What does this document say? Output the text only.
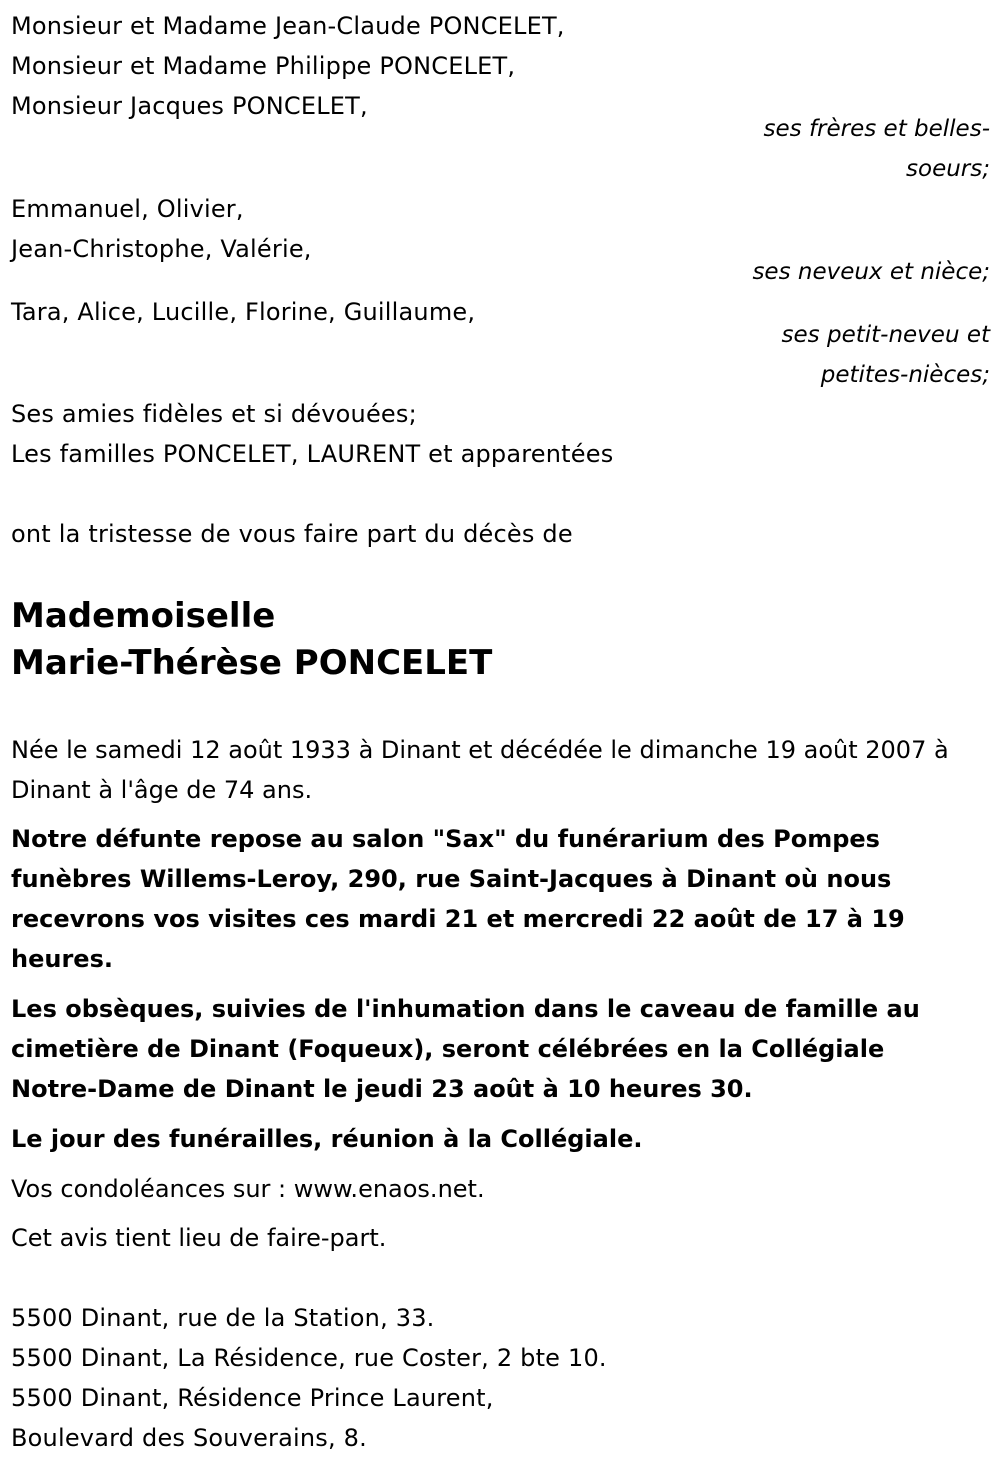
Monsieur et Madame Jean-Claude PONCELET,
Monsieur et Madame Philippe PONCELET,
Monsieur Jacques PONCELET,
ses frères et belles-
soeurs;
Emmanuel, Olivier,
Jean-Christophe, Valérie,
ses neveux et nièce;
Tara, Alice, Lucille, Florine, Guillaume,
ses petit-neveu et
petites-nièces;
Ses amies fidèles et si dévouées;
Les familles PONCELET, LAURENT et apparentées
ont la tristesse de vous faire part du décès de
Mademoiselle
Marie-Thérèse PONCELET
Née le samedi 12 août 1933 à Dinant et décédée le dimanche 19 août 2007 à Dinant à l'âge de 74 ans.
Notre défunte repose au salon "Sax" du funérarium des Pompes funèbres Willems-Leroy, 290, rue Saint-Jacques à Dinant où nous recevrons vos visites ces mardi 21 et mercredi 22 août de 17 à 19 heures.
Les obsèques, suivies de l'inhumation dans le caveau de famille au cimetière de Dinant (Foqueux), seront célébrées en la Collégiale Notre-Dame de Dinant le jeudi 23 août à 10 heures 30.
Le jour des funérailles, réunion à la Collégiale.
Vos condoléances sur : www.enaos.net.
Cet avis tient lieu de faire-part.
5500 Dinant, rue de la Station, 33.
5500 Dinant, La Résidence, rue Coster, 2 bte 10.
5500 Dinant, Résidence Prince Laurent,
Boulevard des Souverains, 8.
